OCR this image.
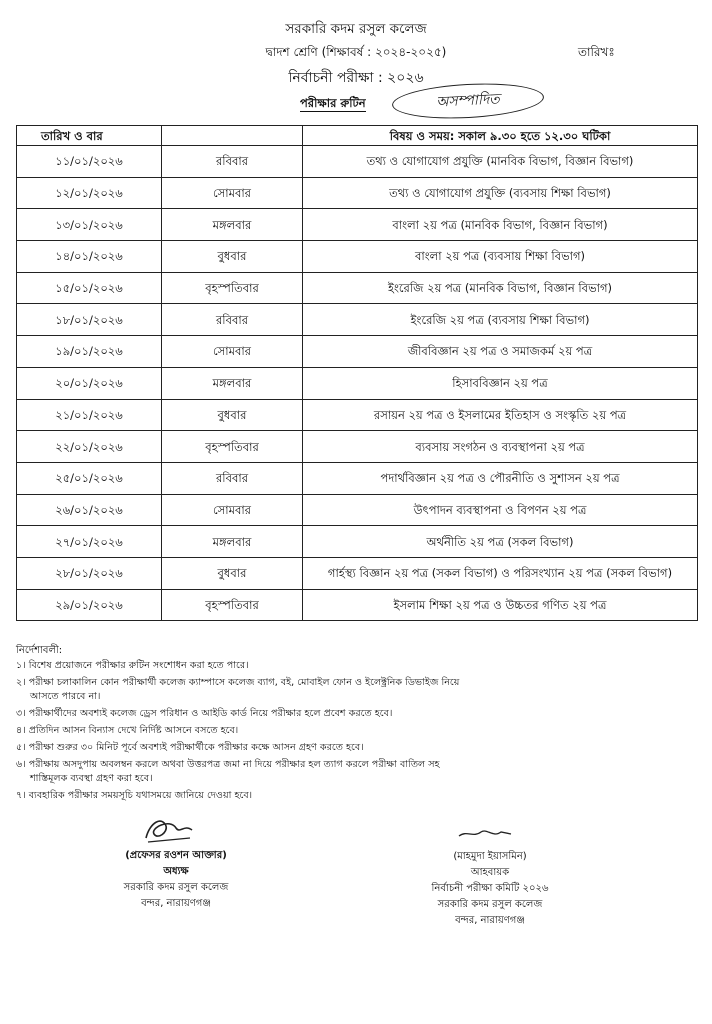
সরকারি কদম রসুল কলেজ
দ্বাদশ শ্রেণি (শিক্ষাবর্ষ : ২০২৪-২০২৫)	তারিখঃ
নির্বাচনী পরীক্ষা : ২০২৬
পরীক্ষার রুটিন	অসম্পাদিত
তারিখ ও বার		বিষয় ও সময়: সকাল ৯.৩০ হতে ১২.৩০ ঘটিকা
১১/০১/২০২৬	রবিবার	তথ্য ও যোগাযোগ প্রযুক্তি (মানবিক বিভাগ, বিজ্ঞান বিভাগ)
১২/০১/২০২৬	সোমবার	তথ্য ও যোগাযোগ প্রযুক্তি (ব্যবসায় শিক্ষা বিভাগ)
১৩/০১/২০২৬	মঙ্গলবার	বাংলা ২য় পত্র (মানবিক বিভাগ, বিজ্ঞান বিভাগ)
১৪/০১/২০২৬	বুধবার	বাংলা ২য় পত্র (ব্যবসায় শিক্ষা বিভাগ)
১৫/০১/২০২৬	বৃহস্পতিবার	ইংরেজি ২য় পত্র (মানবিক বিভাগ, বিজ্ঞান বিভাগ)
১৮/০১/২০২৬	রবিবার	ইংরেজি ২য় পত্র (ব্যবসায় শিক্ষা বিভাগ)
১৯/০১/২০২৬	সোমবার	জীববিজ্ঞান ২য় পত্র ও সমাজকর্ম ২য় পত্র
২০/০১/২০২৬	মঙ্গলবার	হিসাববিজ্ঞান ২য় পত্র
২১/০১/২০২৬	বুধবার	রসায়ন ২য় পত্র ও ইসলামের ইতিহাস ও সংস্কৃতি ২য় পত্র
২২/০১/২০২৬	বৃহস্পতিবার	ব্যবসায় সংগঠন ও ব্যবস্থাপনা ২য় পত্র
২৫/০১/২০২৬	রবিবার	পদার্থবিজ্ঞান ২য় পত্র ও পৌরনীতি ও সুশাসন ২য় পত্র
২৬/০১/২০২৬	সোমবার	উৎপাদন ব্যবস্থাপনা ও বিপণন ২য় পত্র
২৭/০১/২০২৬	মঙ্গলবার	অর্থনীতি ২য় পত্র (সকল বিভাগ)
২৮/০১/২০২৬	বুধবার	গার্হস্থ্য বিজ্ঞান ২য় পত্র (সকল বিভাগ) ও পরিসংখ্যান ২য় পত্র (সকল বিভাগ)
২৯/০১/২০২৬	বৃহস্পতিবার	ইসলাম শিক্ষা ২য় পত্র ও উচ্চতর গণিত ২য় পত্র
নির্দেশাবলী:
১। বিশেষ প্রয়োজনে পরীক্ষার রুটিন সংশোধন করা হতে পারে।
২। পরীক্ষা চলাকালিন কোন পরীক্ষার্থী কলেজ ক্যাম্পাসে কলেজ ব্যাগ, বই, মোবাইল ফোন ও ইলেক্ট্রনিক ডিভাইজ নিয়ে
আসতে পারবে না।
৩। পরীক্ষার্থীদের অবশ্যই কলেজ ড্রেস পরিধান ও আইডি কার্ড নিয়ে পরীক্ষার হলে প্রবেশ করতে হবে।
৪। প্রতিদিন আসন বিন্যাস দেখে নির্দিষ্ট আসনে বসতে হবে।
৫। পরীক্ষা শুরুর ৩০ মিনিট পূর্বে অবশ্যই পরীক্ষার্থীকে পরীক্ষার কক্ষে আসন গ্রহণ করতে হবে।
৬। পরীক্ষায় অসদুপায় অবলম্বন করলে অথবা উত্তরপত্র জমা না দিয়ে পরীক্ষার হল ত্যাগ করলে পরীক্ষা বাতিল সহ
শাস্তিমূলক ব্যবস্থা গ্রহণ করা হবে।
৭। ব্যবহারিক পরীক্ষার সময়সূচি যথাসময়ে জানিয়ে দেওয়া হবে।
(প্রফেসর রওশন আক্তার)
অধ্যক্ষ
সরকারি কদম রসুল কলেজ
বন্দর, নারায়ণগঞ্জ
(মাহমুদা ইয়াসমিন)
আহবায়ক
নির্বাচনী পরীক্ষা কমিটি ২০২৬
সরকারি কদম রসুল কলেজ
বন্দর, নারায়ণগঞ্জ
